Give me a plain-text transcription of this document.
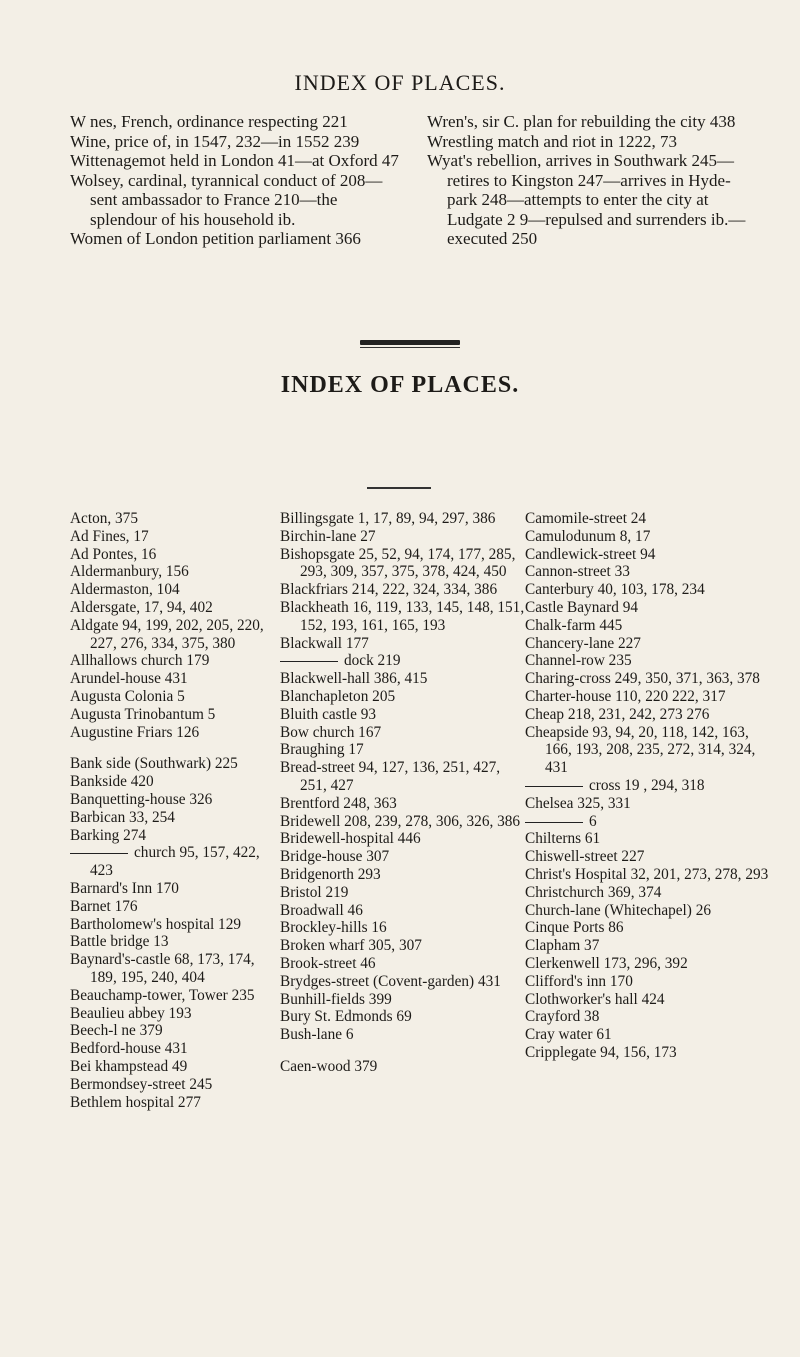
INDEX OF PLACES.

W nes, French, ordinance respecting 221

Wine, price of, in 1547, 232—in 1552 239

Wittenagemot held in London 41—at Oxford 47

Wolsey, cardinal, tyrannical conduct of 208—sent ambassador to France 210—the splendour of his household ib.

Women of London petition parliament 366

Wren's, sir C. plan for rebuilding the city 438

Wrestling match and riot in 1222, 73

Wyat's rebellion, arrives in Southwark 245—retires to Kingston 247—arrives in Hyde-park 248—attempts to enter the city at Ludgate 2 9—repulsed and surrenders ib.—executed 250

INDEX OF PLACES.

Acton, 375

Ad Fines, 17

Ad Pontes, 16

Aldermanbury, 156

Aldermaston, 104

Aldersgate, 17, 94, 402

Aldgate 94, 199, 202, 205, 220, 227, 276, 334, 375, 380

Allhallows church 179

Arundel-house 431

Augusta Colonia 5

Augusta Trinobantum 5

Augustine Friars 126

Bank side (Southwark) 225

Bankside 420

Banquetting-house 326

Barbican 33, 254

Barking 274

church 95, 157, 422, 423

Barnard's Inn 170

Barnet 176

Bartholomew's hospital 129

Battle bridge 13

Baynard's-castle 68, 173, 174, 189, 195, 240, 404

Beauchamp-tower, Tower 235

Beaulieu abbey 193

Beech-l ne 379

Bedford-house 431

Bei khampstead 49

Bermondsey-street 245

Bethlem hospital 277

Billingsgate 1, 17, 89, 94, 297, 386

Birchin-lane 27

Bishopsgate 25, 52, 94, 174, 177, 285, 293, 309, 357, 375, 378, 424, 450

Blackfriars 214, 222, 324, 334, 386

Blackheath 16, 119, 133, 145, 148, 151, 152, 193, 161, 165, 193

Blackwall 177

dock 219

Blackwell-hall 386, 415

Blanchapleton 205

Bluith castle 93

Bow church 167

Braughing 17

Bread-street 94, 127, 136, 251, 427, 251, 427

Brentford 248, 363

Bridewell 208, 239, 278, 306, 326, 386

Bridewell-hospital 446

Bridge-house 307

Bridgenorth 293

Bristol 219

Broadwall 46

Brockley-hills 16

Broken wharf 305, 307

Brook-street 46

Brydges-street (Covent-garden) 431

Bunhill-fields 399

Bury St. Edmonds 69

Bush-lane 6

Caen-wood 379

Camomile-street 24

Camulodunum 8, 17

Candlewick-street 94

Cannon-street 33

Canterbury 40, 103, 178, 234

Castle Baynard 94

Chalk-farm 445

Chancery-lane 227

Channel-row 235

Charing-cross 249, 350, 371, 363, 378

Charter-house 110, 220 222, 317

Cheap 218, 231, 242, 273 276

Cheapside 93, 94, 20, 118, 142, 163, 166, 193, 208, 235, 272, 314, 324, 431

cross 19 , 294, 318

Chelsea 325, 331

6

Chilterns 61

Chiswell-street 227

Christ's Hospital 32, 201, 273, 278, 293

Christchurch 369, 374

Church-lane (Whitechapel) 26

Cinque Ports 86

Clapham 37

Clerkenwell 173, 296, 392

Clifford's inn 170

Clothworker's hall 424

Crayford 38

Cray water 61

Cripplegate 94, 156, 173
